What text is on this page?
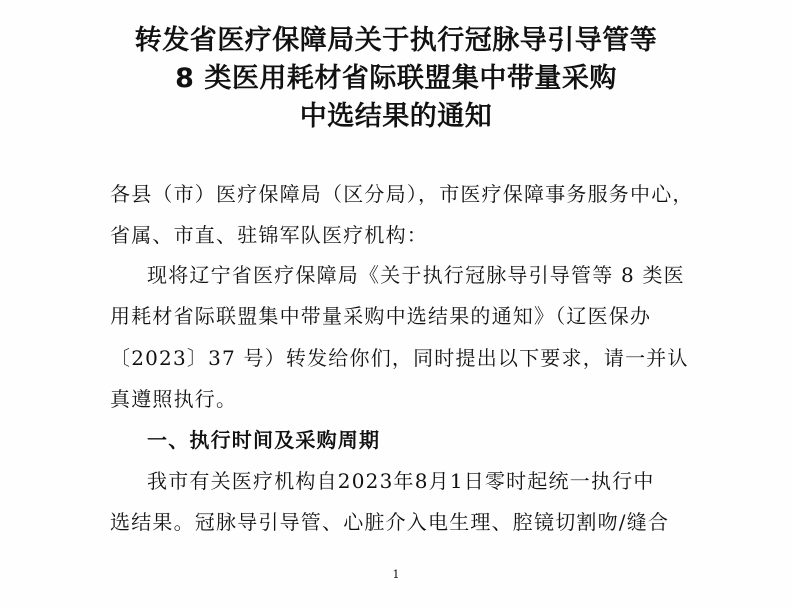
转发省医疗保障局关于执行冠脉导引导管等
8 类医用耗材省际联盟集中带量采购
中选结果的通知
各县（市）医疗保障局（区分局），市医疗保障事务服务中心，
省属、市直、驻锦军队医疗机构：
现将辽宁省医疗保障局《关于执行冠脉导引导管等 8 类医
用耗材省际联盟集中带量采购中选结果的通知》（辽医保办
〔2023〕37 号）转发给你们，同时提出以下要求，请一并认
真遵照执行。
一、执行时间及采购周期
我市有关医疗机构自2023年8月1日零时起统一执行中
选结果。冠脉导引导管、心脏介入电生理、腔镜切割吻/缝合
1
